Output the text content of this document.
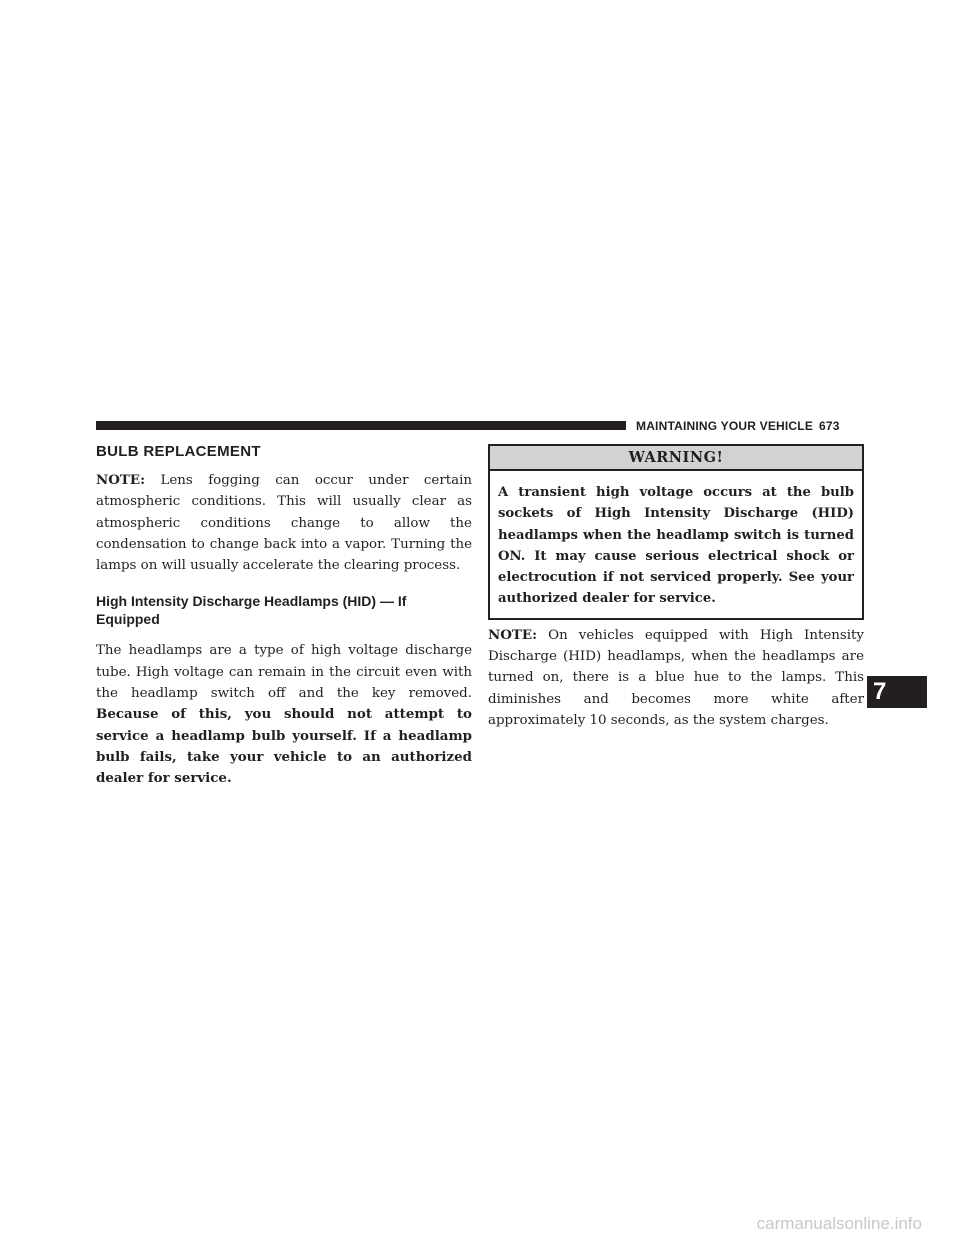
MAINTAINING YOUR VEHICLE 673
BULB REPLACEMENT

NOTE: Lens fogging can occur under certain atmospheric conditions. This will usually clear as atmospheric conditions change to allow the condensation to change back into a vapor. Turning the lamps on will usually accelerate the clearing process.

High Intensity Discharge Headlamps (HID) — If Equipped

The headlamps are a type of high voltage discharge tube. High voltage can remain in the circuit even with the headlamp switch off and the key removed. Because of this, you should not attempt to service a headlamp bulb yourself. If a headlamp bulb fails, take your vehicle to an authorized dealer for service.

WARNING!
A transient high voltage occurs at the bulb sockets of High Intensity Discharge (HID) headlamps when the headlamp switch is turned ON. It may cause serious electrical shock or electrocution if not serviced properly. See your authorized dealer for service.

NOTE: On vehicles equipped with High Intensity Discharge (HID) headlamps, when the headlamps are turned on, there is a blue hue to the lamps. This diminishes and becomes more white after approximately 10 seconds, as the system charges.

7
carmanualsonline.info
